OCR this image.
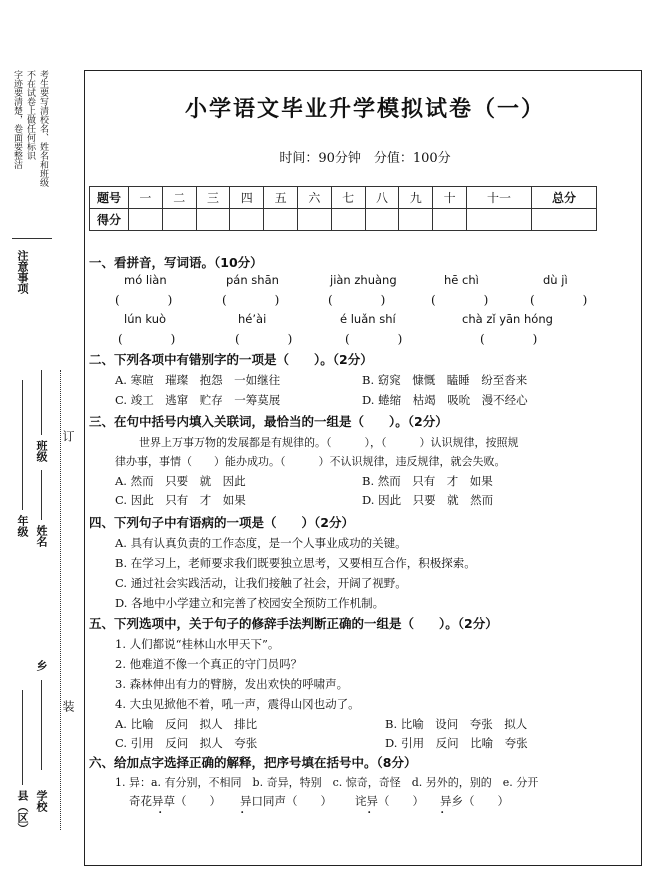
考生要写清校名、姓名和班级
不在试卷上做任何标识
字迹要清楚，卷面要整洁
注意事项
年级
班级
姓名
乡
县（区） 学校
订
装
小学语文毕业升学模拟试卷（一）
时间：90分钟　分值：100分
题号	一	二	三	四	五	六	七	八	九	十	十一	总分
得分												
一、看拼音，写词语。（10分）
mó liàn	pán shān	jiàn zhuàng	hē chì	dù jì
(　　　　)	(　　　　)	(　　　　)	(　　　　)	(　　　　)
lún kuò	hé’ài	é luǎn shí	chà zǐ yān hóng
(　　　　)	(　　　　)	(　　　　)	(　　　　)
二、下列各项中有错别字的一项是（　　）。（2分）
A. 寒暄　璀璨　抱怨　一如继往	B. 窈窕　慷慨　瞌睡　纷至沓来
C. 竣工　逃窜　贮存　一筹莫展	D. 蜷缩　枯竭　吸吮　漫不经心
三、在句中括号内填入关联词，最恰当的一组是（　　）。（2分）
世界上万事万物的发展都是有规律的。（　　　），（　　　）认识规律，按照规
律办事，事情（　　）能办成功。（　　　）不认识规律，违反规律，就会失败。
A. 然而　只要　就　因此	B. 然而　只有　才　如果
C. 因此　只有　才　如果	D. 因此　只要　就　然而
四、下列句子中有语病的一项是（　　）（2分）
A. 具有认真负责的工作态度，是一个人事业成功的关键。
B. 在学习上，老师要求我们既要独立思考，又要相互合作，积极探索。
C. 通过社会实践活动，让我们接触了社会，开阔了视野。
D. 各地中小学建立和完善了校园安全预防工作机制。
五、下列选项中，关于句子的修辞手法判断正确的一组是（　　）。（2分）
1. 人们都说“桂林山水甲天下”。
2. 他难道不像一个真正的守门员吗？
3. 森林伸出有力的臂膀，发出欢快的呼啸声。
4. 大虫见掀他不着，吼一声，震得山冈也动了。
A. 比喻　反问　拟人　排比	B. 比喻　设问　夸张　拟人
C. 引用　反问　拟人　夸张	D. 引用　反问　比喻　夸张
六、给加点字选择正确的解释，把序号填在括号中。（8分）
1. 异：a. 有分别，不相同　b. 奇异，特别　c. 惊奇，奇怪　d. 另外的，别的　e. 分开
奇花异草（　　） 异口同声（　　） 诧异（　　） 异乡（　　）
·	·	·	·
